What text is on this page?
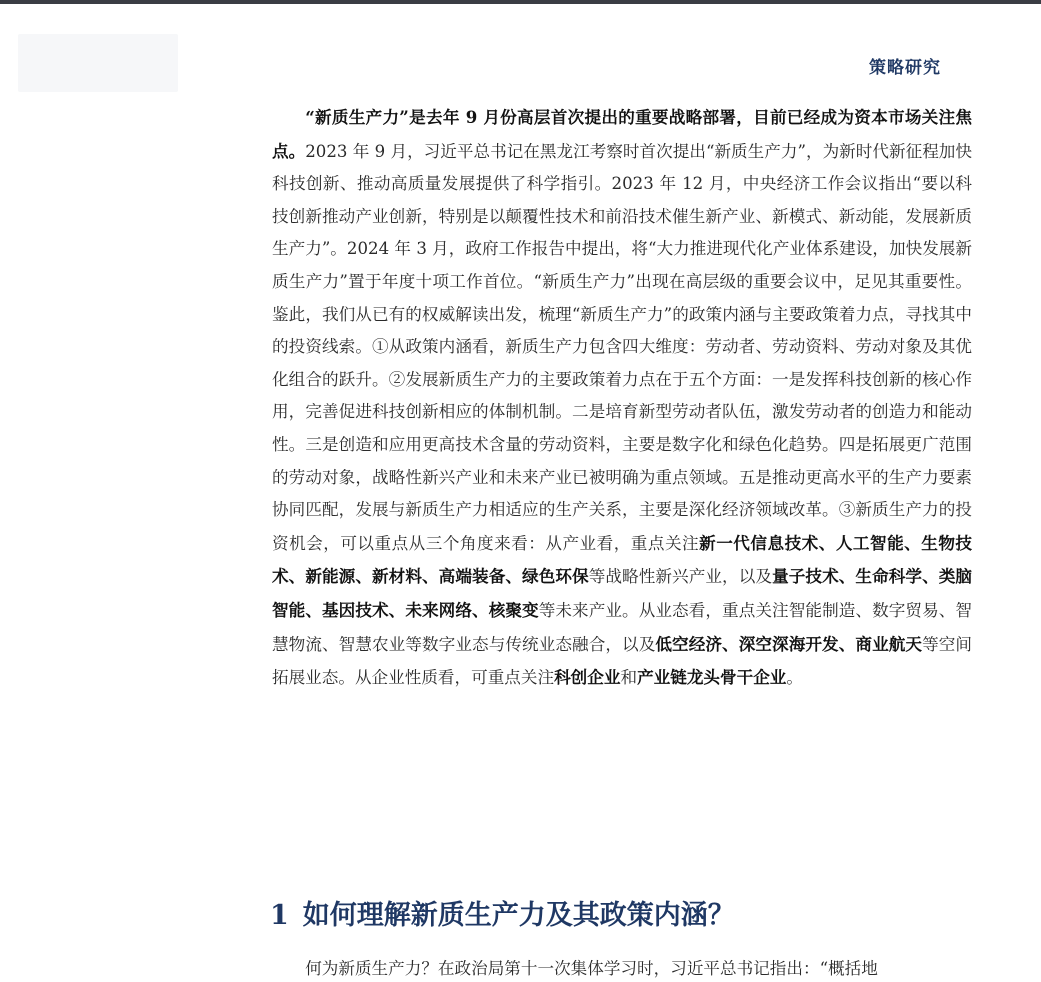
策略研究

“新质生产力”是去年 9 月份高层首次提出的重要战略部署，目前已经成为资本市场关注焦点。2023 年 9 月，习近平总书记在黑龙江考察时首次提出“新质生产力”，为新时代新征程加快科技创新、推动高质量发展提供了科学指引。2023 年 12 月，中央经济工作会议指出“要以科技创新推动产业创新，特别是以颠覆性技术和前沿技术催生新产业、新模式、新动能，发展新质生产力”。2024 年 3 月，政府工作报告中提出，将“大力推进现代化产业体系建设，加快发展新质生产力”置于年度十项工作首位。“新质生产力”出现在高层级的重要会议中，足见其重要性。鉴此，我们从已有的权威解读出发，梳理“新质生产力”的政策内涵与主要政策着力点，寻找其中的投资线索。①从政策内涵看，新质生产力包含四大维度：劳动者、劳动资料、劳动对象及其优化组合的跃升。②发展新质生产力的主要政策着力点在于五个方面：一是发挥科技创新的核心作用，完善促进科技创新相应的体制机制。二是培育新型劳动者队伍，激发劳动者的创造力和能动性。三是创造和应用更高技术含量的劳动资料，主要是数字化和绿色化趋势。四是拓展更广范围的劳动对象，战略性新兴产业和未来产业已被明确为重点领域。五是推动更高水平的生产力要素协同匹配，发展与新质生产力相适应的生产关系，主要是深化经济领域改革。③新质生产力的投资机会，可以重点从三个角度来看：从产业看，重点关注新一代信息技术、人工智能、生物技术、新能源、新材料、高端装备、绿色环保等战略性新兴产业，以及量子技术、生命科学、类脑智能、基因技术、未来网络、核聚变等未来产业。从业态看，重点关注智能制造、数字贸易、智慧物流、智慧农业等数字业态与传统业态融合，以及低空经济、深空深海开发、商业航天等空间拓展业态。从企业性质看，可重点关注科创企业和产业链龙头骨干企业。

1 如何理解新质生产力及其政策内涵？

何为新质生产力？在政治局第十一次集体学习时，习近平总书记指出：“概括地
